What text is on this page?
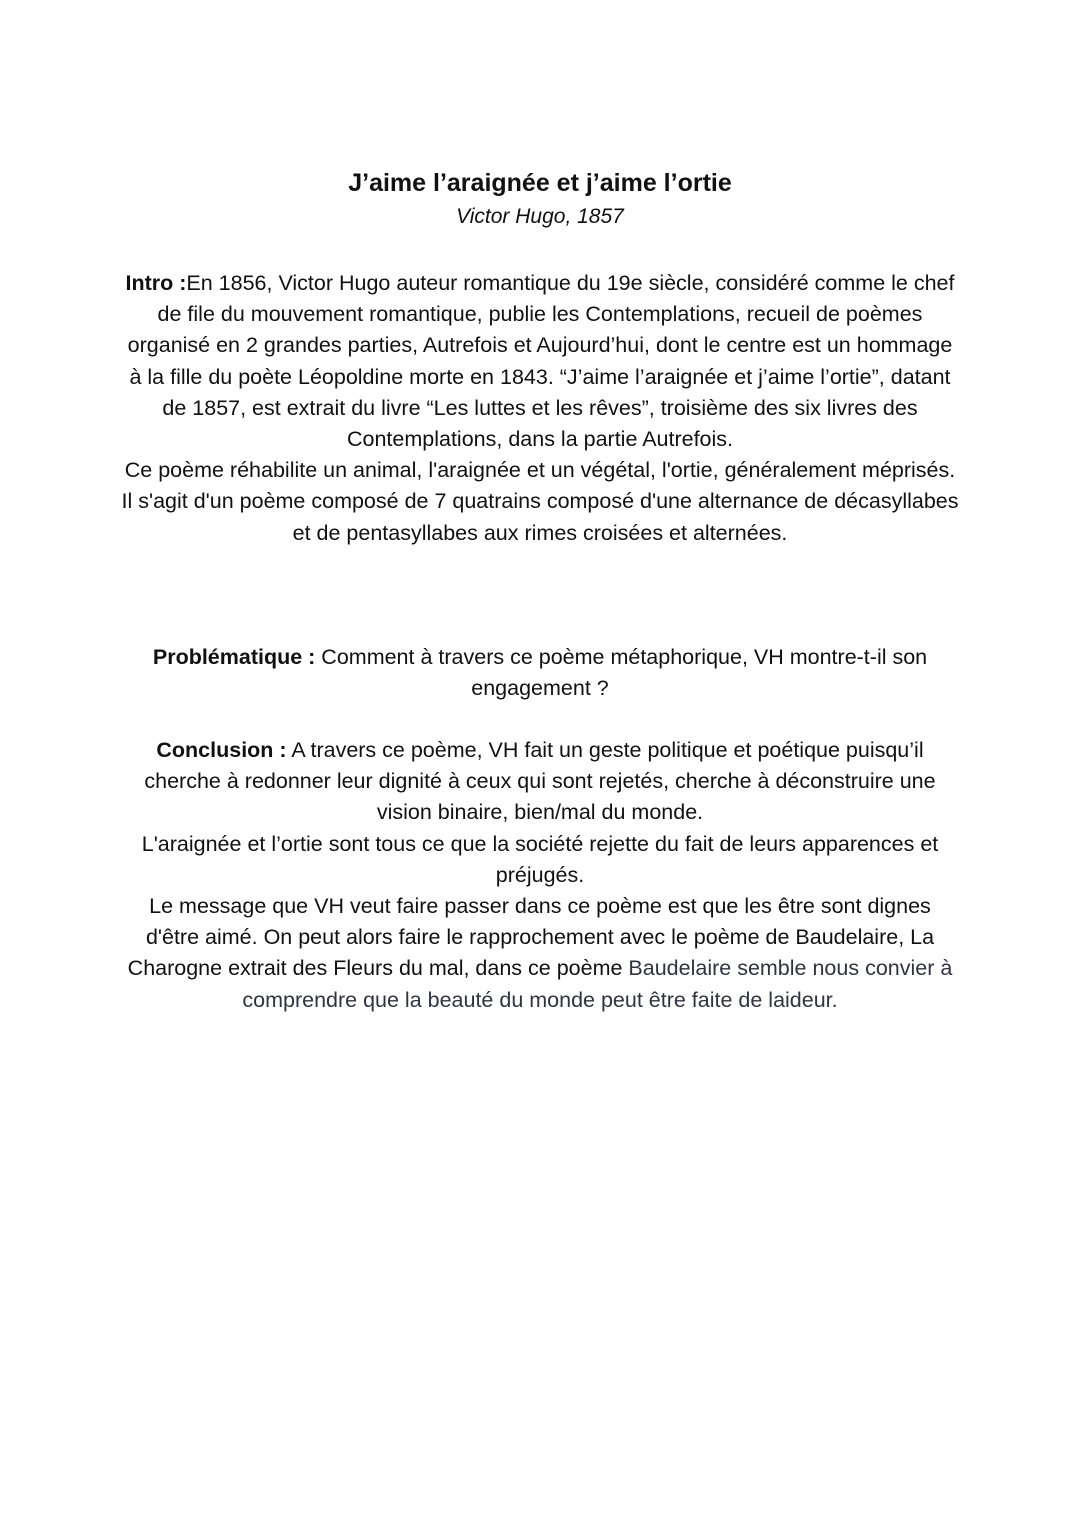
J’aime l’araignée et j’aime l’ortie
Victor Hugo, 1857

Intro :En 1856, Victor Hugo auteur romantique du 19e siècle, considéré comme le chef de file du mouvement romantique, publie les Contemplations, recueil de poèmes organisé en 2 grandes parties, Autrefois et Aujourd’hui, dont le centre est un hommage à la fille du poète Léopoldine morte en 1843. “J’aime l’araignée et j’aime l’ortie”, datant de 1857, est extrait du livre “Les luttes et les rêves”, troisième des six livres des Contemplations, dans la partie Autrefois.

Ce poème réhabilite un animal, l'araignée et un végétal, l'ortie, généralement méprisés. Il s'agit d'un poème composé de 7 quatrains composé d'une alternance de décasyllabes et de pentasyllabes aux rimes croisées et alternées.

Problématique : Comment à travers ce poème métaphorique, VH montre-t-il son engagement ?

Conclusion : A travers ce poème, VH fait un geste politique et poétique puisqu’il cherche à redonner leur dignité à ceux qui sont rejetés, cherche à déconstruire une vision binaire, bien/mal du monde.

L'araignée et l’ortie sont tous ce que la société rejette du fait de leurs apparences et préjugés.

Le message que VH veut faire passer dans ce poème est que les être sont dignes d'être aimé. On peut alors faire le rapprochement avec le poème de Baudelaire, La Charogne extrait des Fleurs du mal, dans ce poème Baudelaire semble nous convier à comprendre que la beauté du monde peut être faite de laideur.
